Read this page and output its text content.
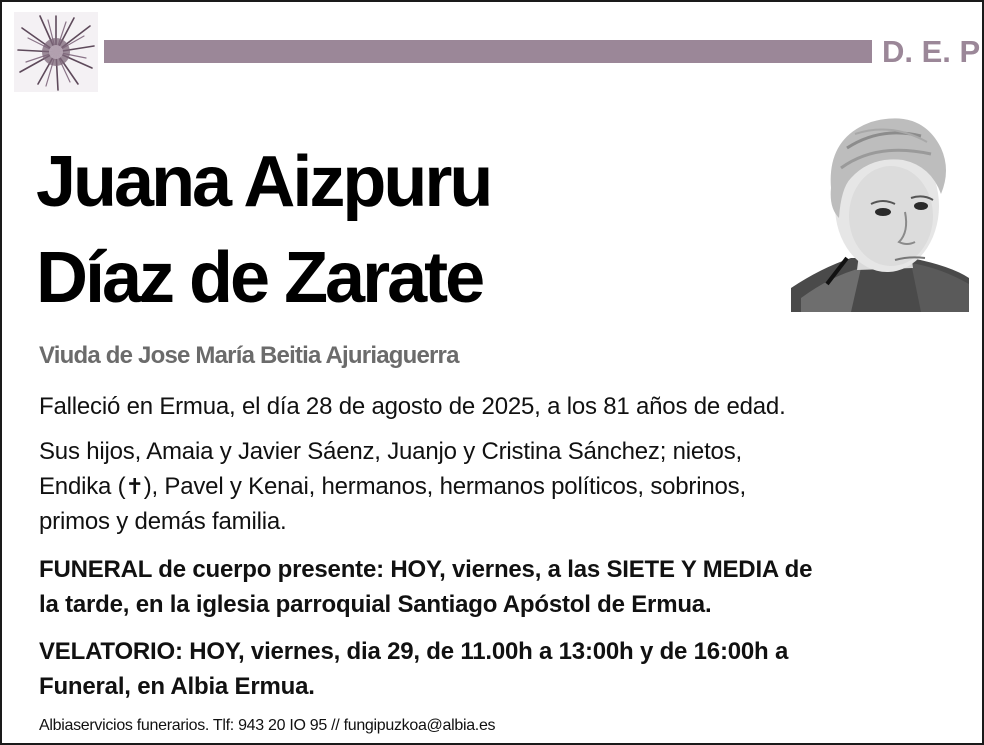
D. E. P
Juana Aizpuru
Díaz de Zarate
Viuda de Jose María Beitia Ajuriaguerra
Falleció en Ermua, el día 28 de agosto de 2025, a los 81 años de edad.
Sus hijos, Amaia y Javier Sáenz, Juanjo y Cristina Sánchez; nietos,
Endika (✝), Pavel y Kenai, hermanos, hermanos políticos, sobrinos,
primos y demás familia.
FUNERAL de cuerpo presente: HOY, viernes, a las SIETE Y MEDIA de
la tarde, en la iglesia parroquial Santiago Apóstol de Ermua.
VELATORIO: HOY, viernes, dia 29, de 11.00h a 13:00h y de 16:00h a
Funeral, en Albia Ermua.
Albiaservicios funerarios. Tlf: 943 20 IO 95 // fungipuzkoa@albia.es
